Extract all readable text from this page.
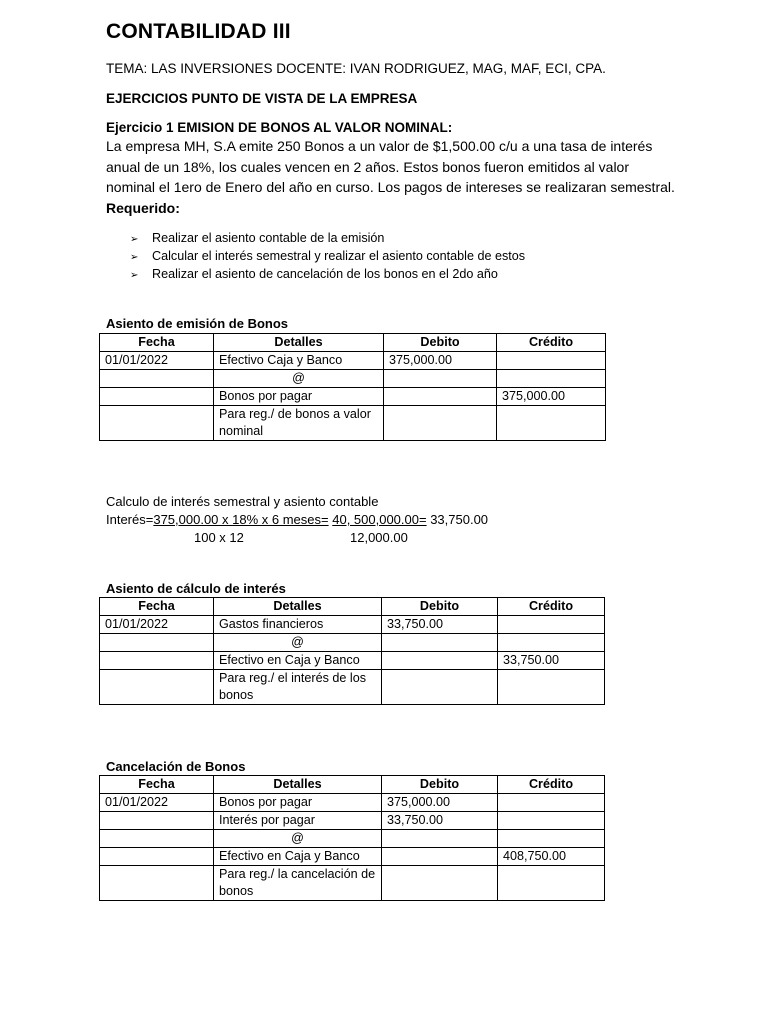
CONTABILIDAD III
TEMA: LAS INVERSIONES DOCENTE: IVAN RODRIGUEZ, MAG, MAF, ECI, CPA.
EJERCICIOS PUNTO DE VISTA DE LA EMPRESA
Ejercicio 1 EMISION DE BONOS AL VALOR NOMINAL:
La empresa MH, S.A emite 250 Bonos a un valor de $1,500.00 c/u a una tasa de interés anual de un 18%, los cuales vencen en 2 años. Estos bonos fueron emitidos al valor nominal el 1ero de Enero del año en curso. Los pagos de intereses se realizaran semestral.
Requerido:
➢ Realizar el asiento contable de la emisión
➢ Calcular el interés semestral y realizar el asiento contable de estos
➢ Realizar el asiento de cancelación de los bonos en el 2do año
Asiento de emisión de Bonos
Fecha	Detalles	Debito	Crédito
01/01/2022	Efectivo Caja y Banco	375,000.00	
	@		
	Bonos por pagar		375,000.00
	Para reg./ de bonos a valor nominal		
Calculo de interés semestral y asiento contable
Interés=375,000.00 x 18% x 6 meses= 40, 500,000.00= 33,750.00
100 x 12	12,000.00
Asiento de cálculo de interés
Fecha	Detalles	Debito	Crédito
01/01/2022	Gastos financieros	33,750.00	
	@		
	Efectivo en Caja y Banco		33,750.00
	Para reg./ el interés de los bonos		
Cancelación de Bonos
Fecha	Detalles	Debito	Crédito
01/01/2022	Bonos por pagar	375,000.00	
	Interés por pagar	33,750.00	
	@		
	Efectivo en Caja y Banco		408,750.00
	Para reg./ la cancelación de bonos		
